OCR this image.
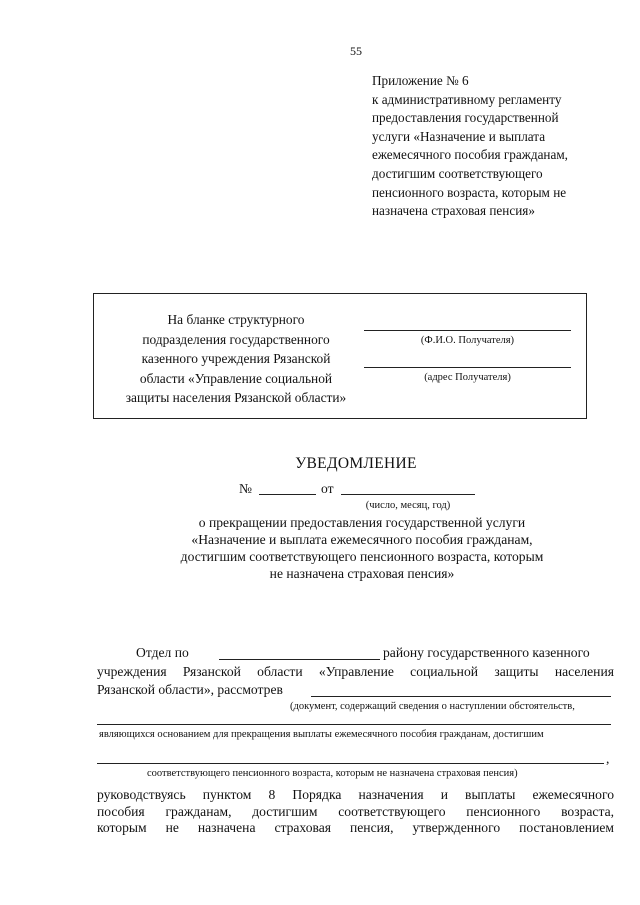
55
Приложение № 6
к административному регламенту
предоставления государственной
услуги «Назначение и выплата
ежемесячного пособия гражданам,
достигшим соответствующего
пенсионного возраста, которым не
назначена страховая пенсия»
На бланке структурного
подразделения государственного
казенного учреждения Рязанской
области «Управление социальной
защиты населения Рязанской области»
(Ф.И.О. Получателя)
(адрес Получателя)
УВЕДОМЛЕНИЕ
№	от
(число, месяц, год)
о прекращении предоставления государственной услуги
«Назначение и выплата ежемесячного пособия гражданам,
достигшим соответствующего пенсионного возраста, которым
не назначена страховая пенсия»
Отдел по	району государственного казенного
учреждения Рязанской области «Управление социальной защиты населения
Рязанской области», рассмотрев
(документ, содержащий сведения о наступлении обстоятельств,
являющихся основанием для прекращения выплаты ежемесячного пособия гражданам, достигшим
,
соответствующего пенсионного возраста, которым не назначена страховая пенсия)
руководствуясь пунктом 8 Порядка назначения и выплаты ежемесячного
пособия гражданам, достигшим соответствующего пенсионного возраста,
которым не назначена страховая пенсия, утвержденного постановлением
